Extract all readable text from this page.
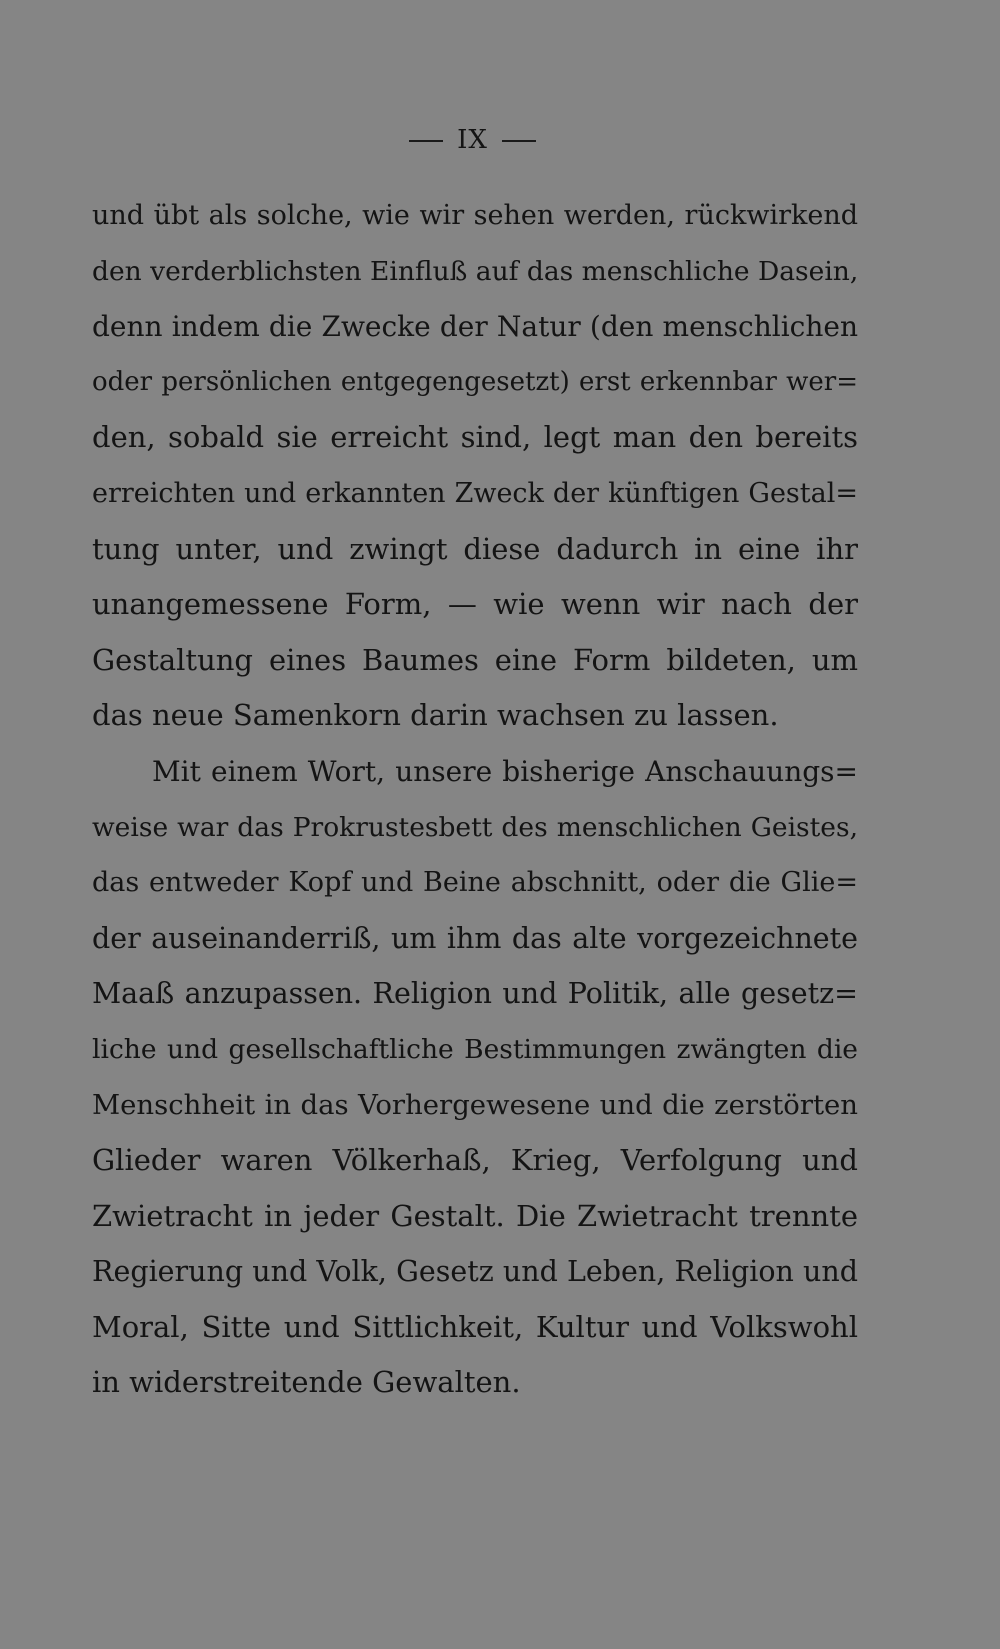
IX
und übt als solche, wie wir sehen werden, rückwirkend
den verderblichsten Einfluß auf das menschliche Dasein,
denn indem die Zwecke der Natur (den menschlichen
oder persönlichen entgegengesetzt) erst erkennbar wer=
den, sobald sie erreicht sind, legt man den bereits
erreichten und erkannten Zweck der künftigen Gestal=
tung unter, und zwingt diese dadurch in eine ihr
unangemessene Form, — wie wenn wir nach der
Gestaltung eines Baumes eine Form bildeten, um
das neue Samenkorn darin wachsen zu lassen.
Mit einem Wort, unsere bisherige Anschauungs=
weise war das Prokrustesbett des menschlichen Geistes,
das entweder Kopf und Beine abschnitt, oder die Glie=
der auseinanderriß, um ihm das alte vorgezeichnete
Maaß anzupassen. Religion und Politik, alle gesetz=
liche und gesellschaftliche Bestimmungen zwängten die
Menschheit in das Vorhergewesene und die zerstörten
Glieder waren Völkerhaß, Krieg, Verfolgung und
Zwietracht in jeder Gestalt. Die Zwietracht trennte
Regierung und Volk, Gesetz und Leben, Religion und
Moral, Sitte und Sittlichkeit, Kultur und Volkswohl
in widerstreitende Gewalten.
